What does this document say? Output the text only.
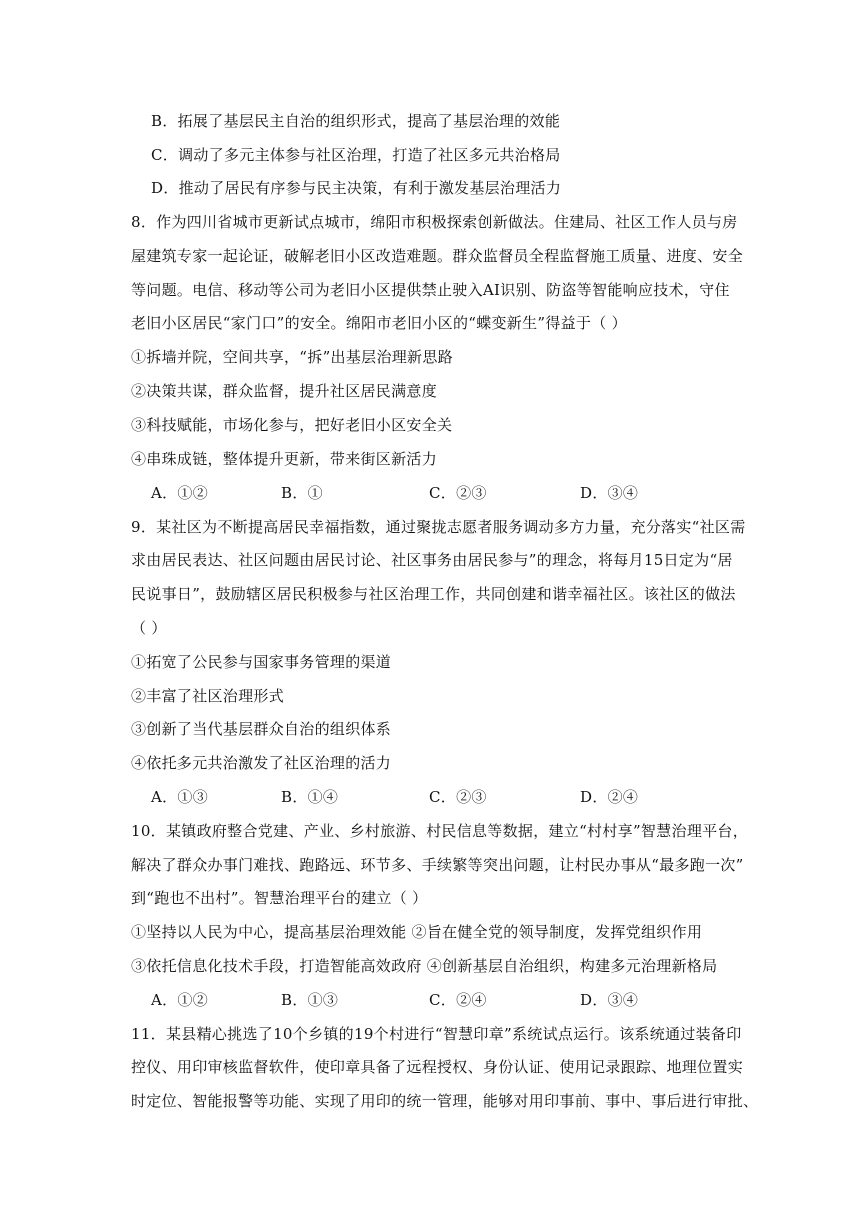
B．拓展了基层民主自治的组织形式，提高了基层治理的效能
C．调动了多元主体参与社区治理，打造了社区多元共治格局
D．推动了居民有序参与民主决策，有利于激发基层治理活力
8．作为四川省城市更新试点城市，绵阳市积极探索创新做法。住建局、社区工作人员与房
屋建筑专家一起论证，破解老旧小区改造难题。群众监督员全程监督施工质量、进度、安全
等问题。电信、移动等公司为老旧小区提供禁止驶入AI识别、防盗等智能响应技术，守住
老旧小区居民“家门口”的安全。绵阳市老旧小区的“蝶变新生”得益于（ ）
①拆墙并院，空间共享，“拆”出基层治理新思路
②决策共谋，群众监督，提升社区居民满意度
③科技赋能，市场化参与，把好老旧小区安全关
④串珠成链，整体提升更新，带来街区新活力
A．①②	B．①	C．②③	D．③④
9．某社区为不断提高居民幸福指数，通过聚拢志愿者服务调动多方力量，充分落实“社区需
求由居民表达、社区问题由居民讨论、社区事务由居民参与”的理念，将每月15日定为“居
民说事日”，鼓励辖区居民积极参与社区治理工作，共同创建和谐幸福社区。该社区的做法
（ ）
①拓宽了公民参与国家事务管理的渠道
②丰富了社区治理形式
③创新了当代基层群众自治的组织体系
④依托多元共治激发了社区治理的活力
A．①③	B．①④	C．②③	D．②④
10．某镇政府整合党建、产业、乡村旅游、村民信息等数据，建立“村村享”智慧治理平台，
解决了群众办事门难找、跑路远、环节多、手续繁等突出问题，让村民办事从“最多跑一次”
到“跑也不出村”。智慧治理平台的建立（ ）
①坚持以人民为中心，提高基层治理效能 ②旨在健全党的领导制度，发挥党组织作用
③依托信息化技术手段，打造智能高效政府 ④创新基层自治组织，构建多元治理新格局
A．①②	B．①③	C．②④	D．③④
11．某县精心挑选了10个乡镇的19个村进行“智慧印章”系统试点运行。该系统通过装备印
控仪、用印审核监督软件，使印章具备了远程授权、身份认证、使用记录跟踪、地理位置实
时定位、智能报警等功能、实现了用印的统一管理，能够对用印事前、事中、事后进行审批、
